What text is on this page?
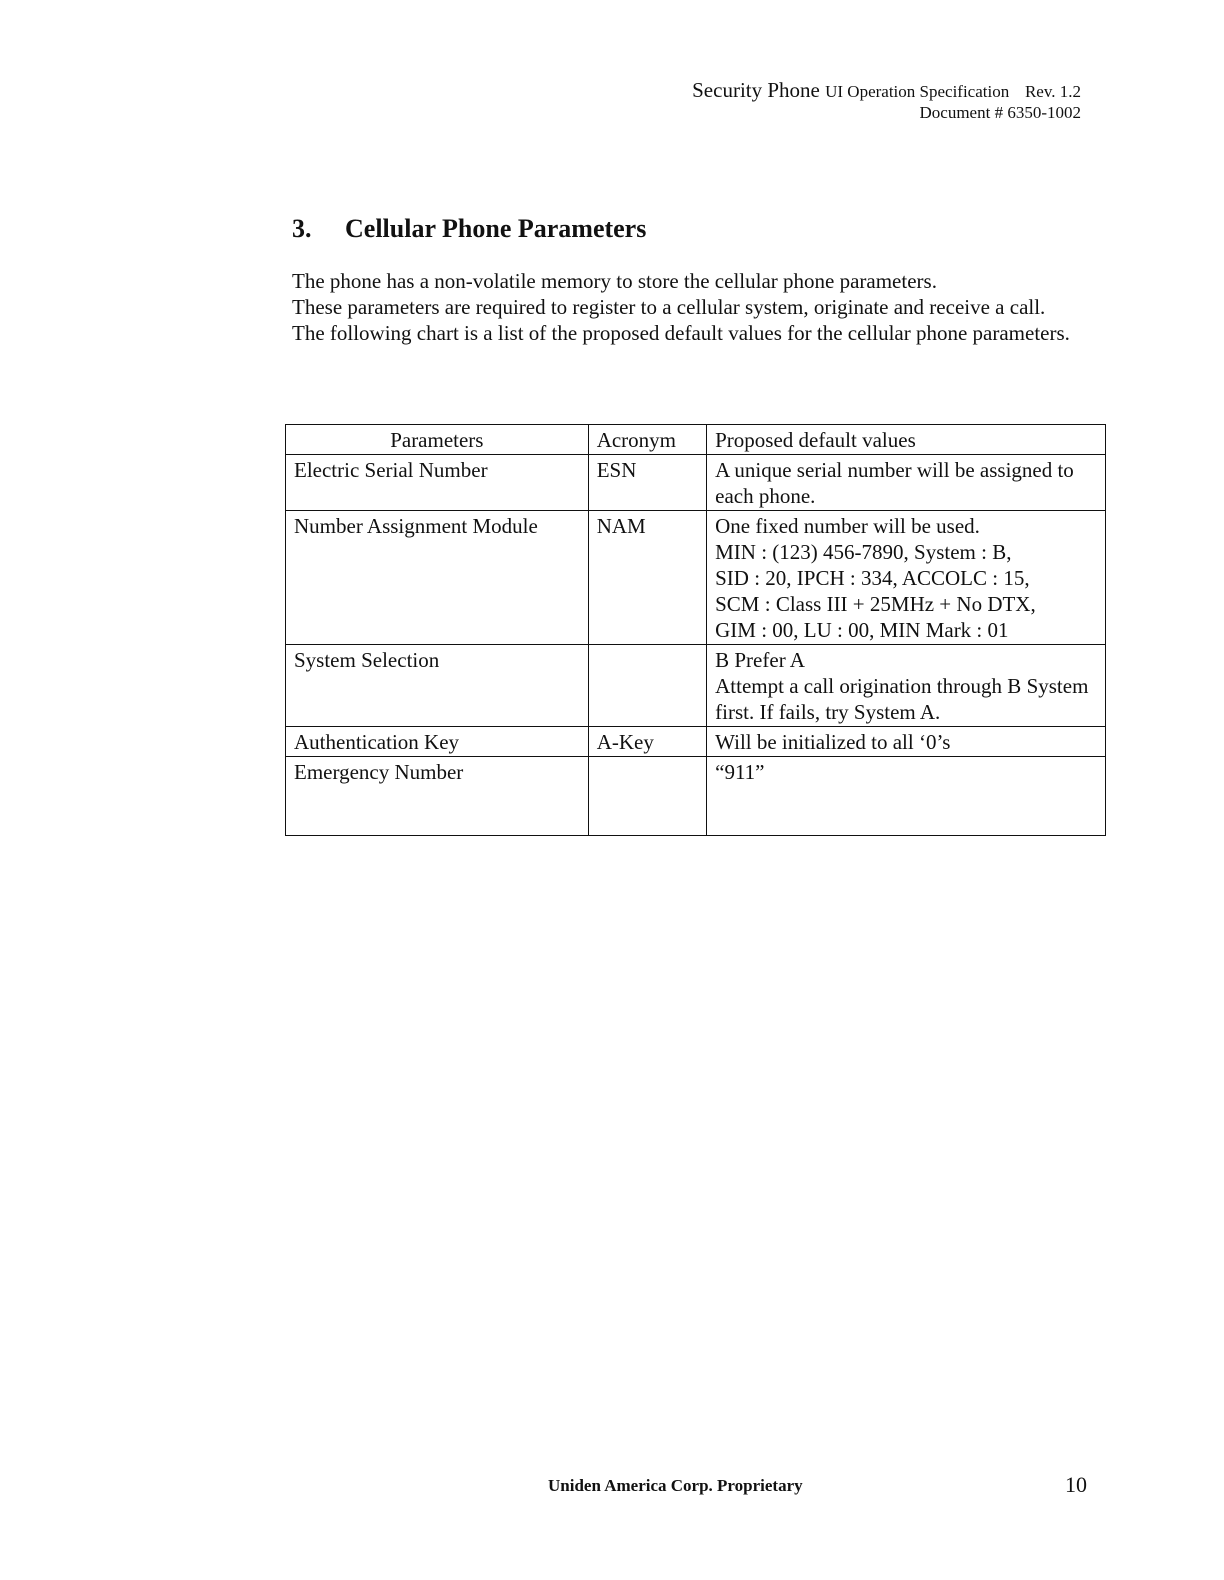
Security Phone UI Operation Specification Rev. 1.2
Document # 6350-1002
3. Cellular Phone Parameters

The phone has a non-volatile memory to store the cellular phone parameters.

These parameters are required to register to a cellular system, originate and receive a call.

The following chart is a list of the proposed default values for the cellular phone parameters.

Parameters	Acronym	Proposed default values
Electric Serial Number	ESN	A unique serial number will be assigned to each phone.

Number Assignment Module	NAM	One fixed number will be used.
MIN : (123) 456-7890, System : B,
SID : 20, IPCH : 334, ACCOLC : 15,
SCM : Class III + 25MHz + No DTX,
GIM : 00, LU : 00, MIN Mark : 01

System Selection		B Prefer A
Attempt a call origination through B System first. If fails, try System A.

Authentication Key	A-Key	Will be initialized to all ‘0’s

Emergency Number		“911”
Uniden America Corp. Proprietary	10
